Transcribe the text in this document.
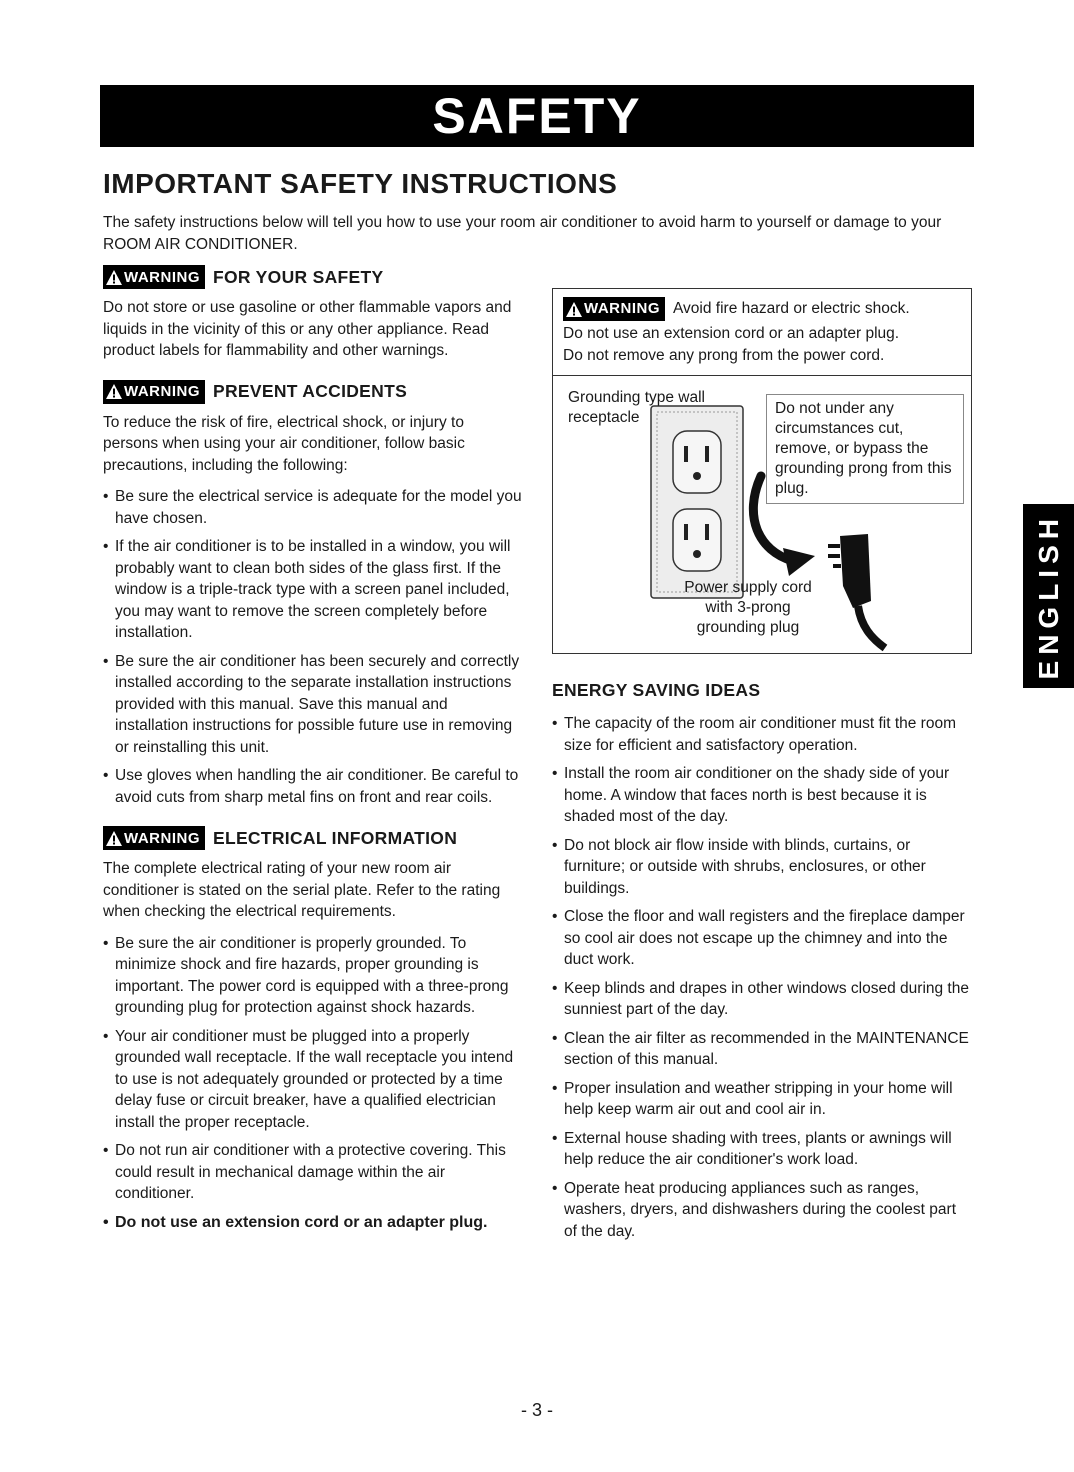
SAFETY
IMPORTANT SAFETY INSTRUCTIONS

The safety instructions below will tell you how to use your room air conditioner to avoid harm to yourself or damage to your ROOM AIR CONDITIONER.

WARNING FOR YOUR SAFETY

Do not store or use gasoline or other flammable vapors and liquids in the vicinity of this or any other appliance. Read product labels for flammability and other warnings.

WARNING PREVENT ACCIDENTS

To reduce the risk of fire, electrical shock, or injury to persons when using your air conditioner, follow basic precautions, including the following:

• Be sure the electrical service is adequate for the model you have chosen.
• If the air conditioner is to be installed in a window, you will probably want to clean both sides of the glass first. If the window is a triple-track type with a screen panel included, you may want to remove the screen completely before installation.
• Be sure the air conditioner has been securely and correctly installed according to the separate installation instructions provided with this manual. Save this manual and installation instructions for possible future use in removing or reinstalling this unit.
• Use gloves when handling the air conditioner. Be careful to avoid cuts from sharp metal fins on front and rear coils.
WARNING ELECTRICAL INFORMATION

The complete electrical rating of your new room air conditioner is stated on the serial plate. Refer to the rating when checking the electrical requirements.

• Be sure the air conditioner is properly grounded. To minimize shock and fire hazards, proper grounding is important. The power cord is equipped with a three-prong grounding plug for protection against shock hazards.
• Your air conditioner must be plugged into a properly grounded wall receptacle. If the wall receptacle you intend to use is not adequately grounded or protected by a time delay fuse or circuit breaker, have a qualified electrician install the proper receptacle.
• Do not run air conditioner with a protective covering. This could result in mechanical damage within the air conditioner.
• Do not use an extension cord or an adapter plug.
WARNING Avoid fire hazard or electric shock.
Do not use an extension cord or an adapter plug.
Do not remove any prong from the power cord.
Grounding type wall receptacle
Do not under any circumstances cut, remove, or bypass the grounding prong from this plug.
Power supply cord
with 3-prong
grounding plug
ENERGY SAVING IDEAS
• The capacity of the room air conditioner must fit the room size for efficient and satisfactory operation.
• Install the room air conditioner on the shady side of your home. A window that faces north is best because it is shaded most of the day.
• Do not block air flow inside with blinds, curtains, or furniture; or outside with shrubs, enclosures, or other buildings.
• Close the floor and wall registers and the fireplace damper so cool air does not escape up the chimney and into the duct work.
• Keep blinds and drapes in other windows closed during the sunniest part of the day.
• Clean the air filter as recommended in the MAINTENANCE section of this manual.
• Proper insulation and weather stripping in your home will help keep warm air out and cool air in.
• External house shading with trees, plants or awnings will help reduce the air conditioner's work load.
• Operate heat producing appliances such as ranges, washers, dryers, and dishwashers during the coolest part of the day.
ENGLISH
- 3 -
